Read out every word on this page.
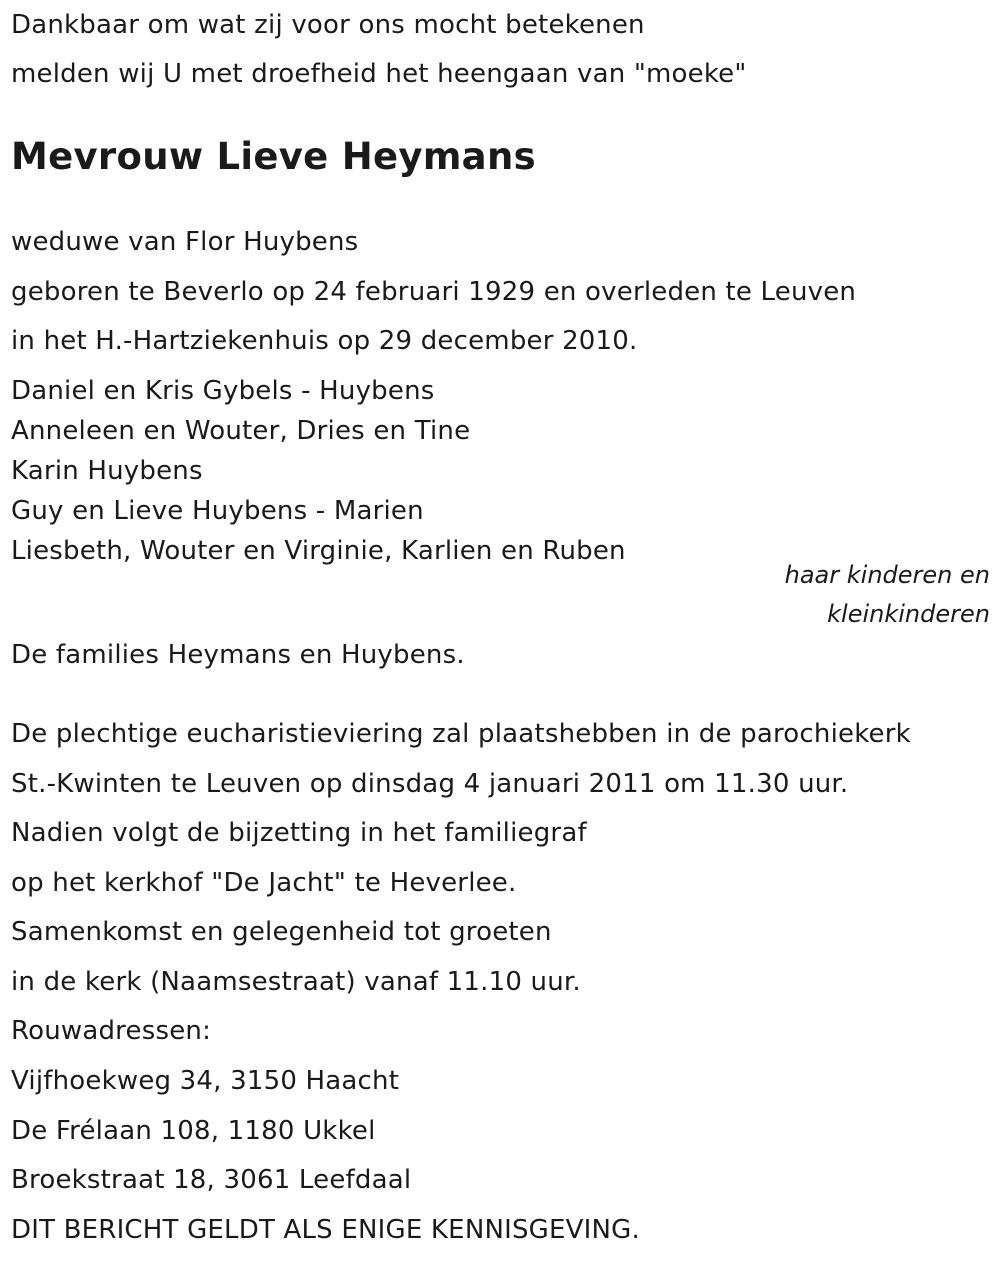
Dankbaar om wat zij voor ons mocht betekenen
melden wij U met droefheid het heengaan van "moeke"
Mevrouw Lieve Heymans
weduwe van Flor Huybens
geboren te Beverlo op 24 februari 1929 en overleden te Leuven
in het H.-Hartziekenhuis op 29 december 2010.
Daniel en Kris Gybels - Huybens
Anneleen en Wouter, Dries en Tine
Karin Huybens
Guy en Lieve Huybens - Marien
Liesbeth, Wouter en Virginie, Karlien en Ruben
haar kinderen en
kleinkinderen
De families Heymans en Huybens.
De plechtige eucharistieviering zal plaatshebben in de parochiekerk
St.-Kwinten te Leuven op dinsdag 4 januari 2011 om 11.30 uur.
Nadien volgt de bijzetting in het familiegraf
op het kerkhof "De Jacht" te Heverlee.
Samenkomst en gelegenheid tot groeten
in de kerk (Naamsestraat) vanaf 11.10 uur.
Rouwadressen:
Vijfhoekweg 34, 3150 Haacht
De Frélaan 108, 1180 Ukkel
Broekstraat 18, 3061 Leefdaal
DIT BERICHT GELDT ALS ENIGE KENNISGEVING.
